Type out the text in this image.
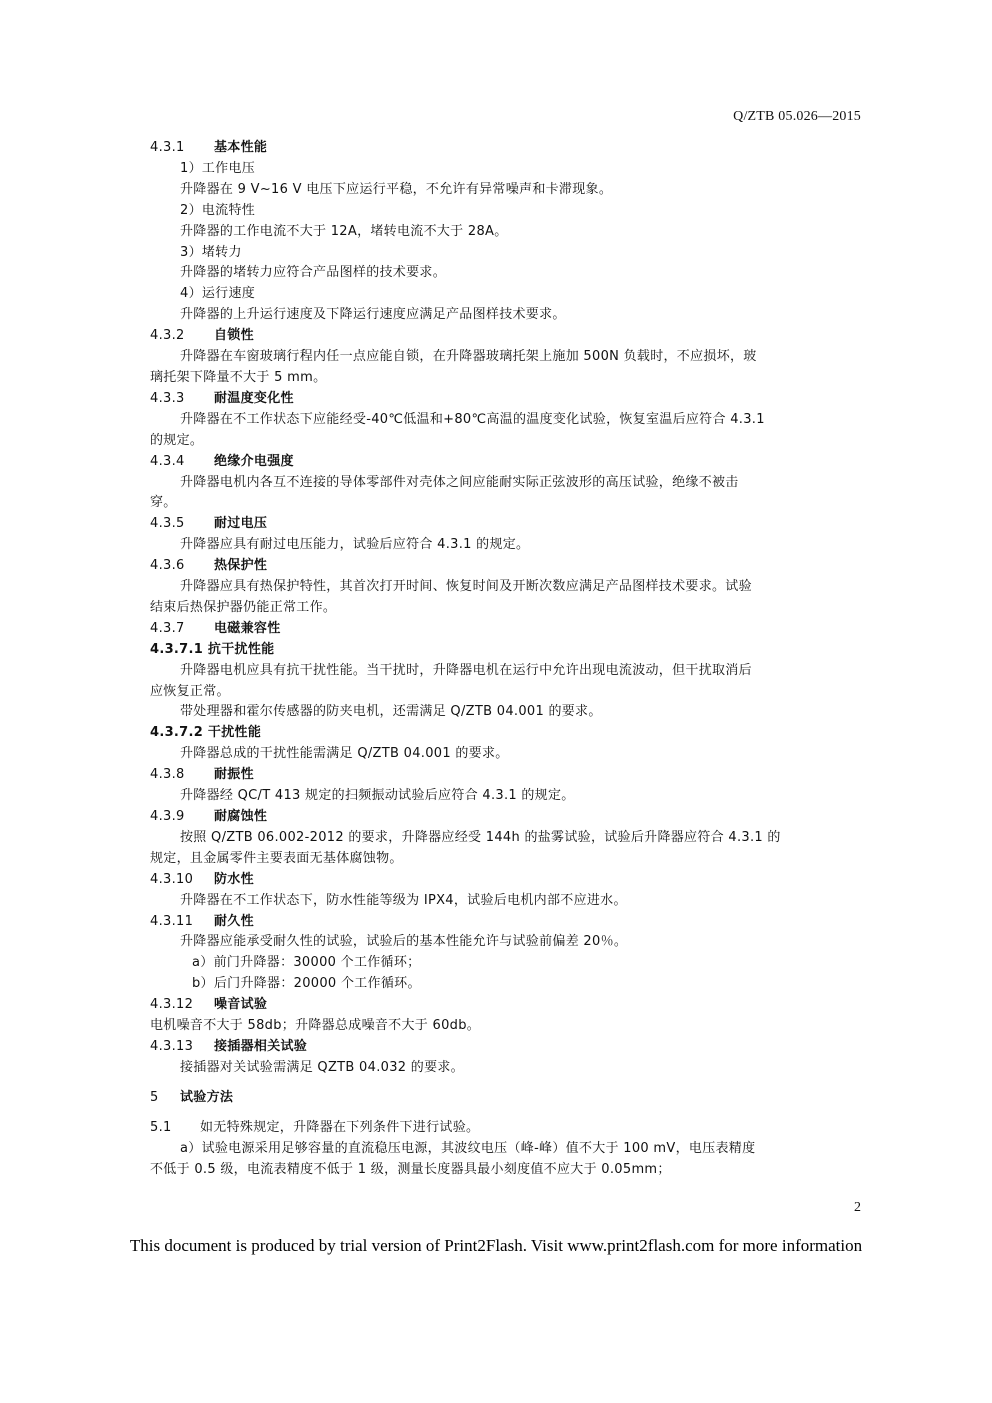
Q/ZTB 05.026—2015
4.3.1 基本性能
1）工作电压
升降器在 9 V~16 V 电压下应运行平稳，不允许有异常噪声和卡滞现象。
2）电流特性
升降器的工作电流不大于 12A，堵转电流不大于 28A。
3）堵转力
升降器的堵转力应符合产品图样的技术要求。
4）运行速度
升降器的上升运行速度及下降运行速度应满足产品图样技术要求。
4.3.2 自锁性
升降器在车窗玻璃行程内任一点应能自锁，在升降器玻璃托架上施加 500N 负载时，不应损坏，玻
璃托架下降量不大于 5 mm。
4.3.3 耐温度变化性
升降器在不工作状态下应能经受-40℃低温和+80℃高温的温度变化试验，恢复室温后应符合 4.3.1
的规定。
4.3.4 绝缘介电强度
升降器电机内各互不连接的导体零部件对壳体之间应能耐实际正弦波形的高压试验，绝缘不被击
穿。
4.3.5 耐过电压
升降器应具有耐过电压能力，试验后应符合 4.3.1 的规定。
4.3.6 热保护性
升降器应具有热保护特性，其首次打开时间、恢复时间及开断次数应满足产品图样技术要求。试验
结束后热保护器仍能正常工作。
4.3.7 电磁兼容性
4.3.7.1 抗干扰性能
升降器电机应具有抗干扰性能。当干扰时，升降器电机在运行中允许出现电流波动，但干扰取消后
应恢复正常。
带处理器和霍尔传感器的防夹电机，还需满足 Q/ZTB 04.001 的要求。
4.3.7.2 干扰性能
升降器总成的干扰性能需满足 Q/ZTB 04.001 的要求。
4.3.8 耐振性
升降器经 QC/T 413 规定的扫频振动试验后应符合 4.3.1 的规定。
4.3.9 耐腐蚀性
按照 Q/ZTB 06.002-2012 的要求，升降器应经受 144h 的盐雾试验，试验后升降器应符合 4.3.1 的
规定，且金属零件主要表面无基体腐蚀物。
4.3.10 防水性
升降器在不工作状态下，防水性能等级为 IPX4，试验后电机内部不应进水。
4.3.11 耐久性
升降器应能承受耐久性的试验，试验后的基本性能允许与试验前偏差 20％。
a）前门升降器：30000 个工作循环；
b）后门升降器：20000 个工作循环。
4.3.12 噪音试验
电机噪音不大于 58db；升降器总成噪音不大于 60db。
4.3.13 接插器相关试验
接插器对关试验需满足 QZTB 04.032 的要求。
5 试验方法
5.1 如无特殊规定，升降器在下列条件下进行试验。
a）试验电源采用足够容量的直流稳压电源，其波纹电压（峰-峰）值不大于 100 mV，电压表精度
不低于 0.5 级，电流表精度不低于 1 级，测量长度器具最小刻度值不应大于 0.05mm；
2
This document is produced by trial version of Print2Flash. Visit www.print2flash.com for more information
